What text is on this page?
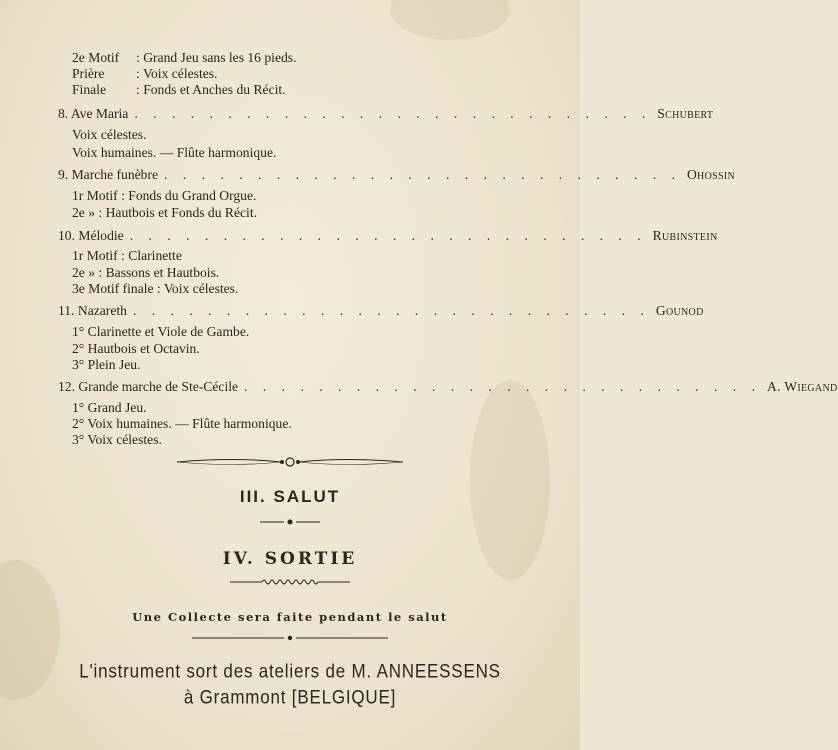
2e Motif : Grand Jeu sans les 16 pieds.
Prière : Voix célestes.
Finale : Fonds et Anches du Récit.
8. Ave Maria . . . . . . . . . . . . . . . . . . . . . . . . . . . . Schubert
Voix célestes.
Voix humaines. — Flûte harmonique.
9. Marche funèbre . . . . . . . . . . . . . . . . . . . . . . . . . . . . Ohossin
1r Motif : Fonds du Grand Orgue.
2e » : Hautbois et Fonds du Récit.
10. Mélodie . . . . . . . . . . . . . . . . . . . . . . . . . . . . Rubinstein
1r Motif : Clarinette
2e » : Bassons et Hautbois.
3e Motif finale : Voix célestes.
11. Nazareth . . . . . . . . . . . . . . . . . . . . . . . . . . . . Gounod
1° Clarinette et Viole de Gambe.
2° Hautbois et Octavin.
3° Plein Jeu.
12. Grande marche de Ste-Cécile . . . . . . . . . . . . . . . . . . . . . . . . . . . . A. Wiegand
1° Grand Jeu.
2° Voix humaines. — Flûte harmonique.
3° Voix célestes.
III. SALUT
IV. SORTIE
Une Collecte sera faite pendant le salut
L'instrument sort des ateliers de M. ANNEESSENS
à Grammont [BELGIQUE]
